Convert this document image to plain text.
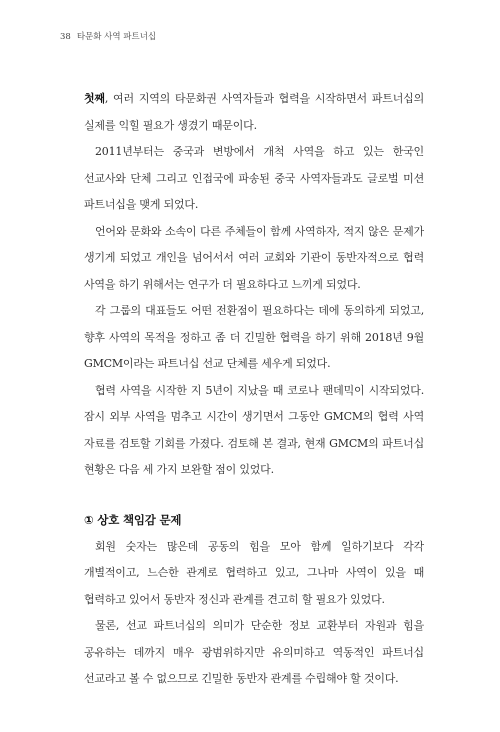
38 타문화 사역 파트너십

첫째, 여러 지역의 타문화권 사역자들과 협력을 시작하면서 파트너십의 실제를 익힐 필요가 생겼기 때문이다.

2011년부터는 중국과 변방에서 개척 사역을 하고 있는 한국인 선교사와 단체 그리고 인접국에 파송된 중국 사역자들과도 글로벌 미션 파트너십을 맺게 되었다.

언어와 문화와 소속이 다른 주체들이 함께 사역하자, 적지 않은 문제가 생기게 되었고 개인을 넘어서서 여러 교회와 기관이 동반자적으로 협력 사역을 하기 위해서는 연구가 더 필요하다고 느끼게 되었다.

각 그룹의 대표들도 어떤 전환점이 필요하다는 데에 동의하게 되었고, 향후 사역의 목적을 정하고 좀 더 긴밀한 협력을 하기 위해 2018년 9월 GMCM이라는 파트너십 선교 단체를 세우게 되었다.

협력 사역을 시작한 지 5년이 지났을 때 코로나 팬데믹이 시작되었다. 잠시 외부 사역을 멈추고 시간이 생기면서 그동안 GMCM의 협력 사역 자료를 검토할 기회를 가졌다. 검토해 본 결과, 현재 GMCM의 파트너십 현황은 다음 세 가지 보완할 점이 있었다.

① 상호 책임감 문제

회원 숫자는 많은데 공동의 힘을 모아 함께 일하기보다 각각 개별적이고, 느슨한 관계로 협력하고 있고, 그나마 사역이 있을 때 협력하고 있어서 동반자 정신과 관계를 견고히 할 필요가 있었다.

물론, 선교 파트너십의 의미가 단순한 정보 교환부터 자원과 힘을 공유하는 데까지 매우 광범위하지만 유의미하고 역동적인 파트너십 선교라고 볼 수 없으므로 긴밀한 동반자 관계를 수립해야 할 것이다.
